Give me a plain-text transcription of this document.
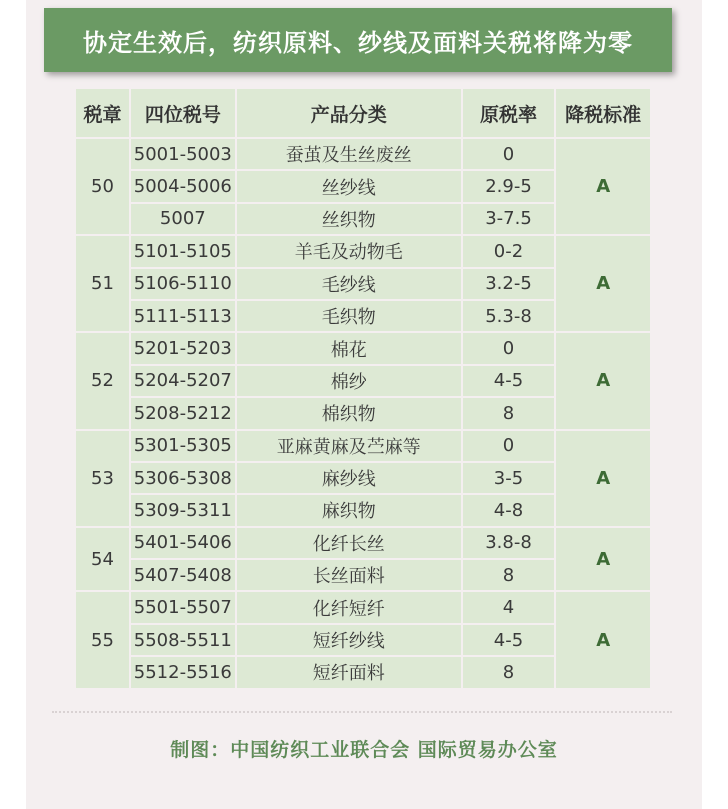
协定生效后，纺织原料、纱线及面料关税将降为零
税章	四位税号	产品分类	原税率	降税标准
50	5001-5003	蚕茧及生丝废丝	0	A
	5004-5006	丝纱线	2.9-5	
	5007	丝织物	3-7.5	
51	5101-5105	羊毛及动物毛	0-2	A
	5106-5110	毛纱线	3.2-5	
	5111-5113	毛织物	5.3-8	
52	5201-5203	棉花	0	A
	5204-5207	棉纱	4-5	
	5208-5212	棉织物	8	
53	5301-5305	亚麻黄麻及苎麻等	0	A
	5306-5308	麻纱线	3-5	
	5309-5311	麻织物	4-8	
54	5401-5406	化纤长丝	3.8-8	A
	5407-5408	长丝面料	8	
55	5501-5507	化纤短纤	4	A
	5508-5511	短纤纱线	4-5	
	5512-5516	短纤面料	8	
制图：中国纺织工业联合会 国际贸易办公室
